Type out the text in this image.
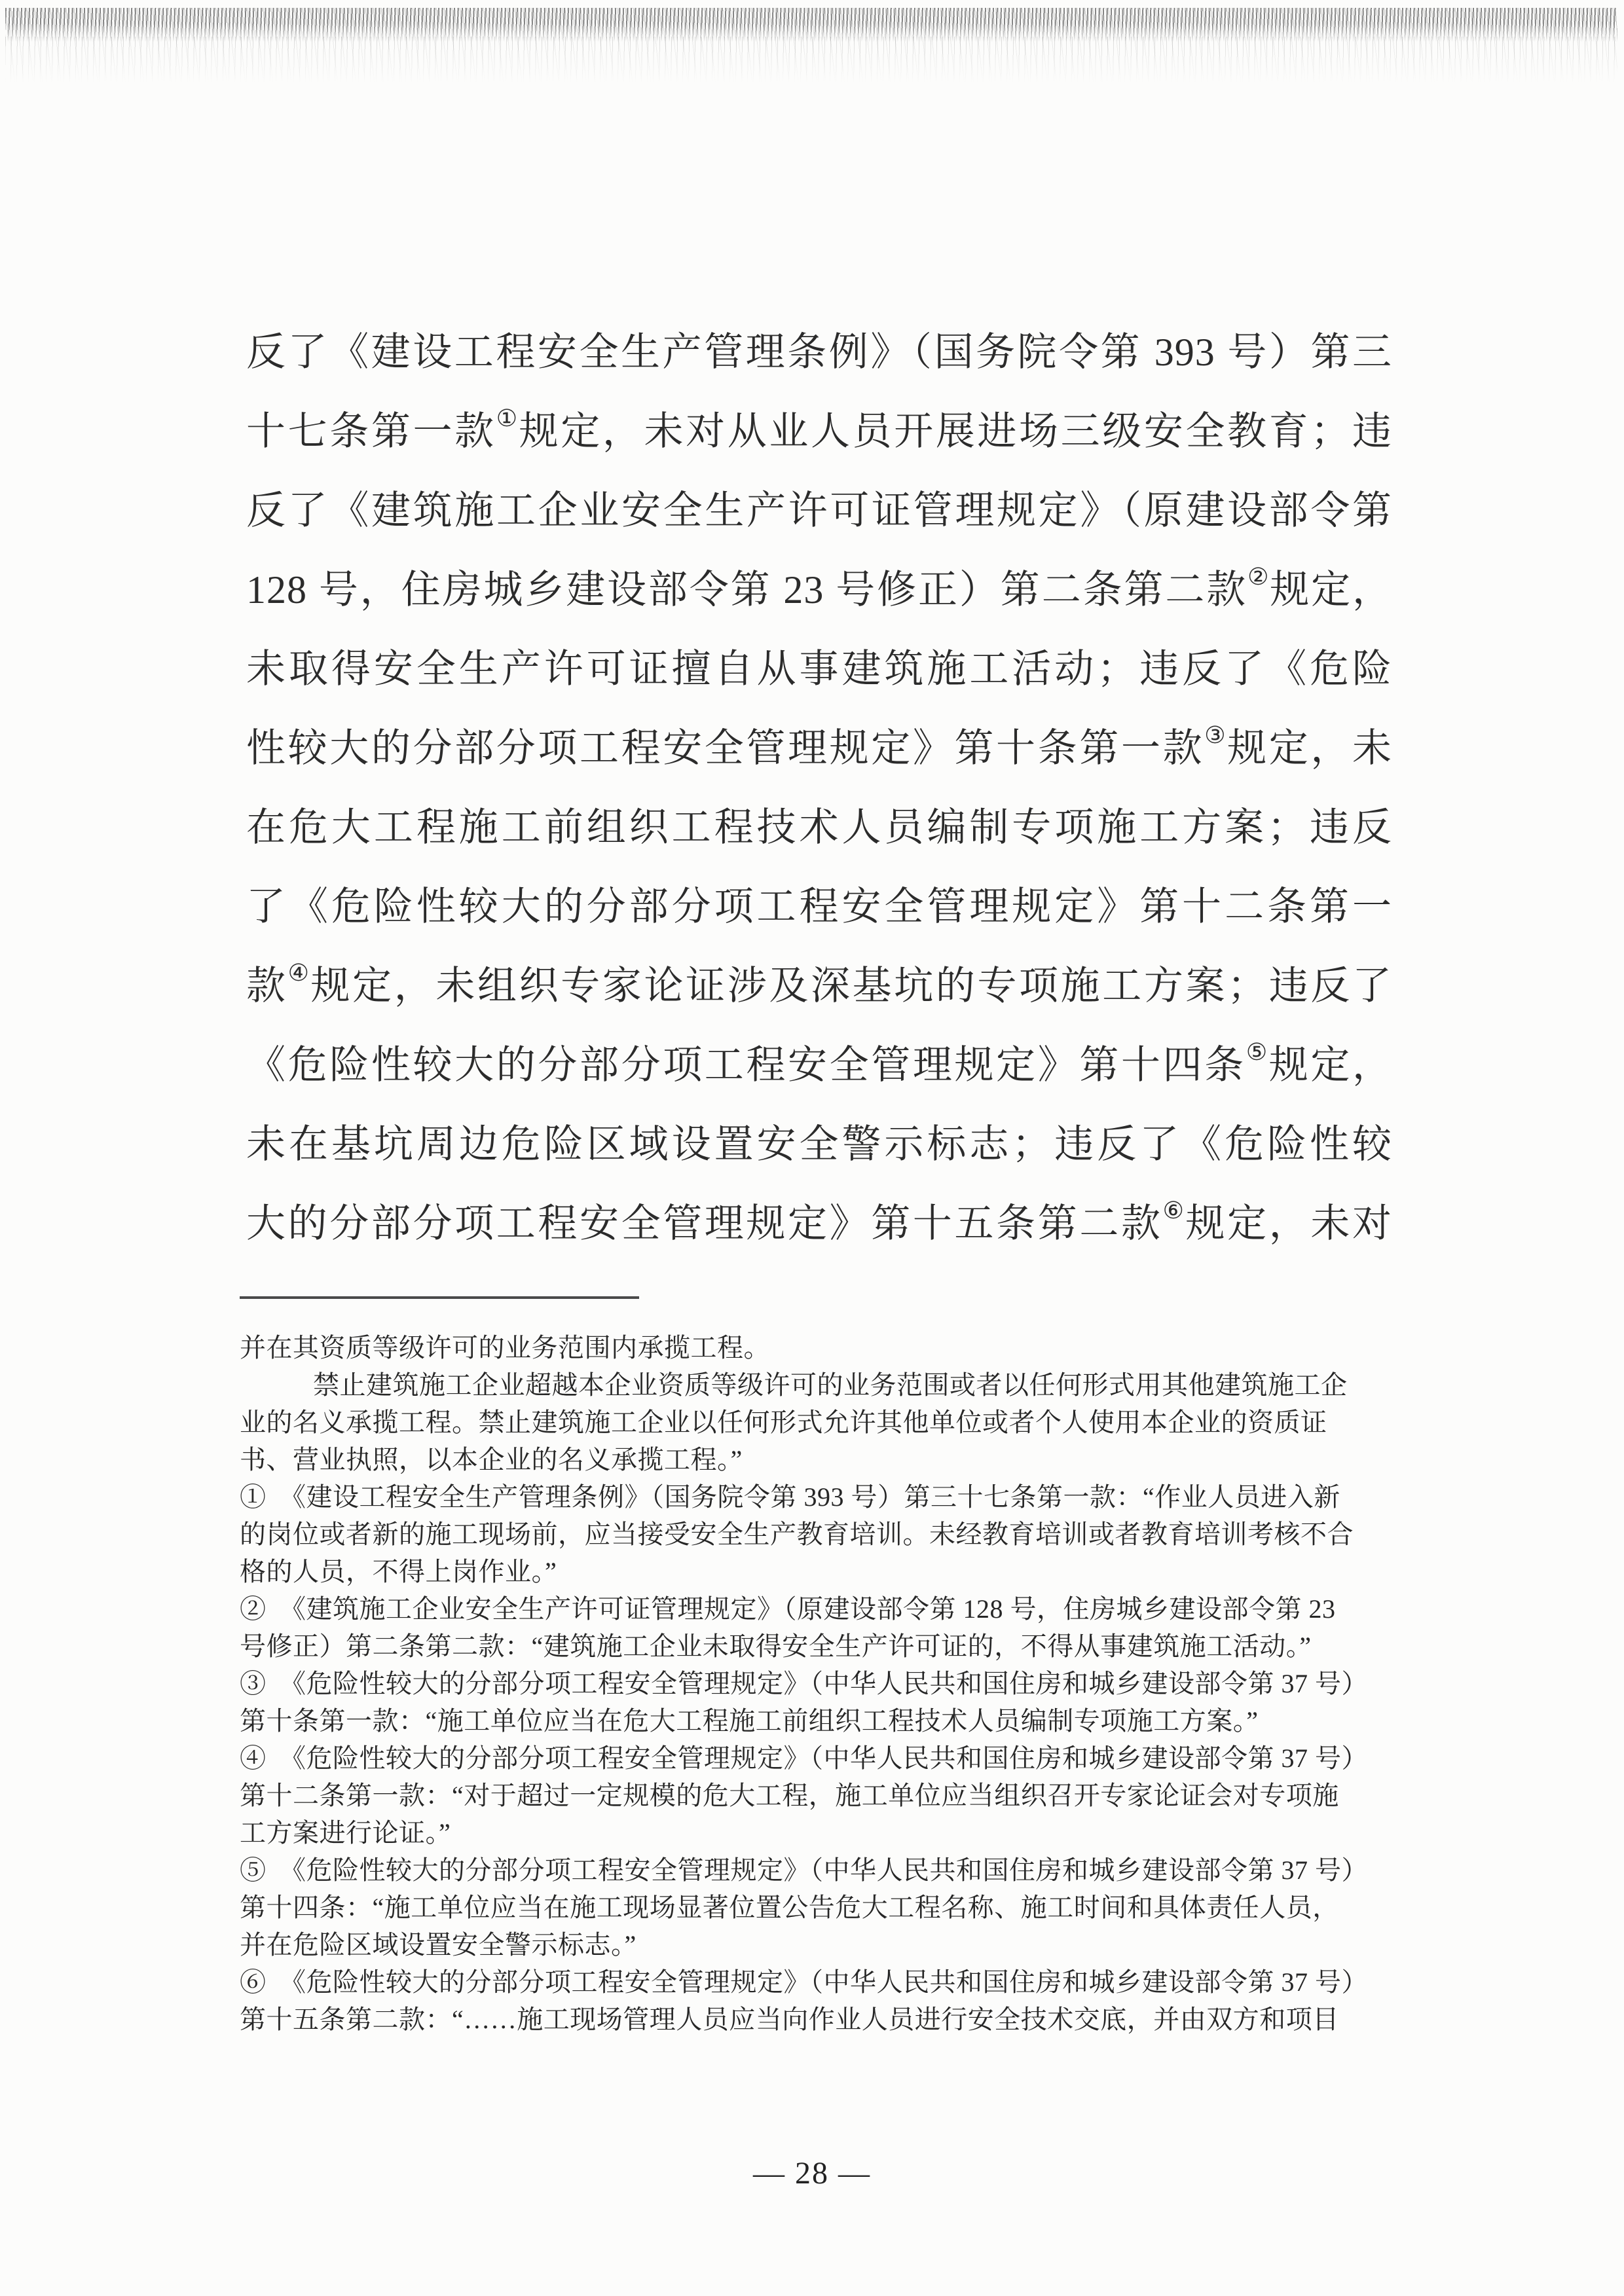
反了《建设工程安全生产管理条例》（国务院令第 393 号）第三
十七条第一款①规定，未对从业人员开展进场三级安全教育；违
反了《建筑施工企业安全生产许可证管理规定》（原建设部令第
128 号，住房城乡建设部令第 23 号修正）第二条第二款②规定，
未取得安全生产许可证擅自从事建筑施工活动；违反了《危险
性较大的分部分项工程安全管理规定》第十条第一款③规定，未
在危大工程施工前组织工程技术人员编制专项施工方案；违反
了《危险性较大的分部分项工程安全管理规定》第十二条第一
款④规定，未组织专家论证涉及深基坑的专项施工方案；违反了
《危险性较大的分部分项工程安全管理规定》第十四条⑤规定，
未在基坑周边危险区域设置安全警示标志；违反了《危险性较
大的分部分项工程安全管理规定》第十五条第二款⑥规定，未对
并在其资质等级许可的业务范围内承揽工程。
禁止建筑施工企业超越本企业资质等级许可的业务范围或者以任何形式用其他建筑施工企
业的名义承揽工程。禁止建筑施工企业以任何形式允许其他单位或者个人使用本企业的资质证
书、营业执照，以本企业的名义承揽工程。”
①　《建设工程安全生产管理条例》（国务院令第 393 号）第三十七条第一款：“作业人员进入新
的岗位或者新的施工现场前，应当接受安全生产教育培训。未经教育培训或者教育培训考核不合
格的人员，不得上岗作业。”
②　《建筑施工企业安全生产许可证管理规定》（原建设部令第 128 号，住房城乡建设部令第 23
号修正）第二条第二款：“建筑施工企业未取得安全生产许可证的，不得从事建筑施工活动。”
③　《危险性较大的分部分项工程安全管理规定》（中华人民共和国住房和城乡建设部令第 37 号）
第十条第一款：“施工单位应当在危大工程施工前组织工程技术人员编制专项施工方案。”
④　《危险性较大的分部分项工程安全管理规定》（中华人民共和国住房和城乡建设部令第 37 号）
第十二条第一款：“对于超过一定规模的危大工程，施工单位应当组织召开专家论证会对专项施
工方案进行论证。”
⑤　《危险性较大的分部分项工程安全管理规定》（中华人民共和国住房和城乡建设部令第 37 号）
第十四条：“施工单位应当在施工现场显著位置公告危大工程名称、施工时间和具体责任人员，
并在危险区域设置安全警示标志。”
⑥　《危险性较大的分部分项工程安全管理规定》（中华人民共和国住房和城乡建设部令第 37 号）
第十五条第二款：“……施工现场管理人员应当向作业人员进行安全技术交底，并由双方和项目
— 28 —
